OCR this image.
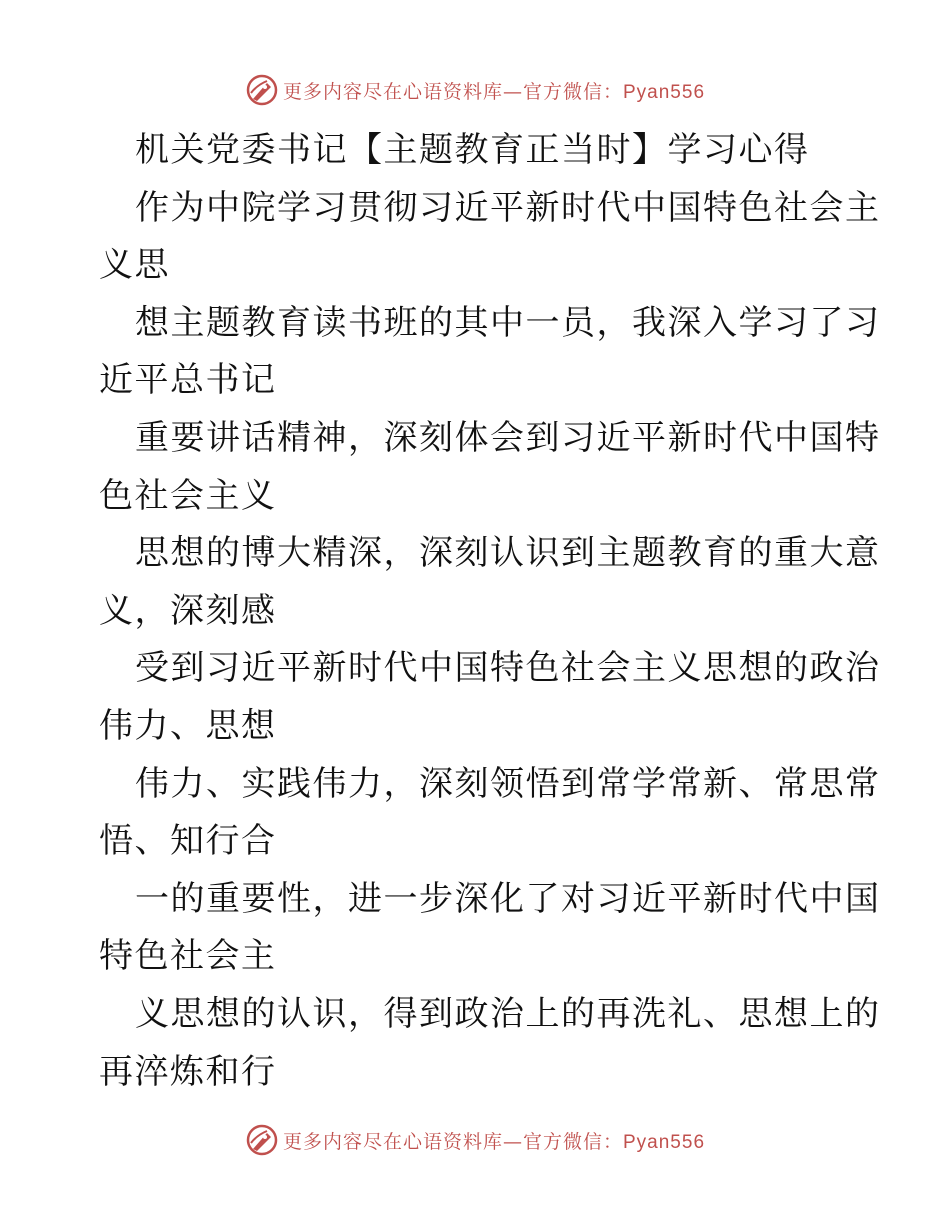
更多内容尽在心语资料库—官方微信：Pyan556
机关党委书记【主题教育正当时】学习心得
作为中院学习贯彻习近平新时代中国特色社会主
义思
想主题教育读书班的其中一员，我深入学习了习
近平总书记
重要讲话精神，深刻体会到习近平新时代中国特
色社会主义
思想的博大精深，深刻认识到主题教育的重大意
义，深刻感
受到习近平新时代中国特色社会主义思想的政治
伟力、思想
伟力、实践伟力，深刻领悟到常学常新、常思常
悟、知行合
一的重要性，进一步深化了对习近平新时代中国
特色社会主
义思想的认识，得到政治上的再洗礼、思想上的
再淬炼和行
更多内容尽在心语资料库—官方微信：Pyan556
